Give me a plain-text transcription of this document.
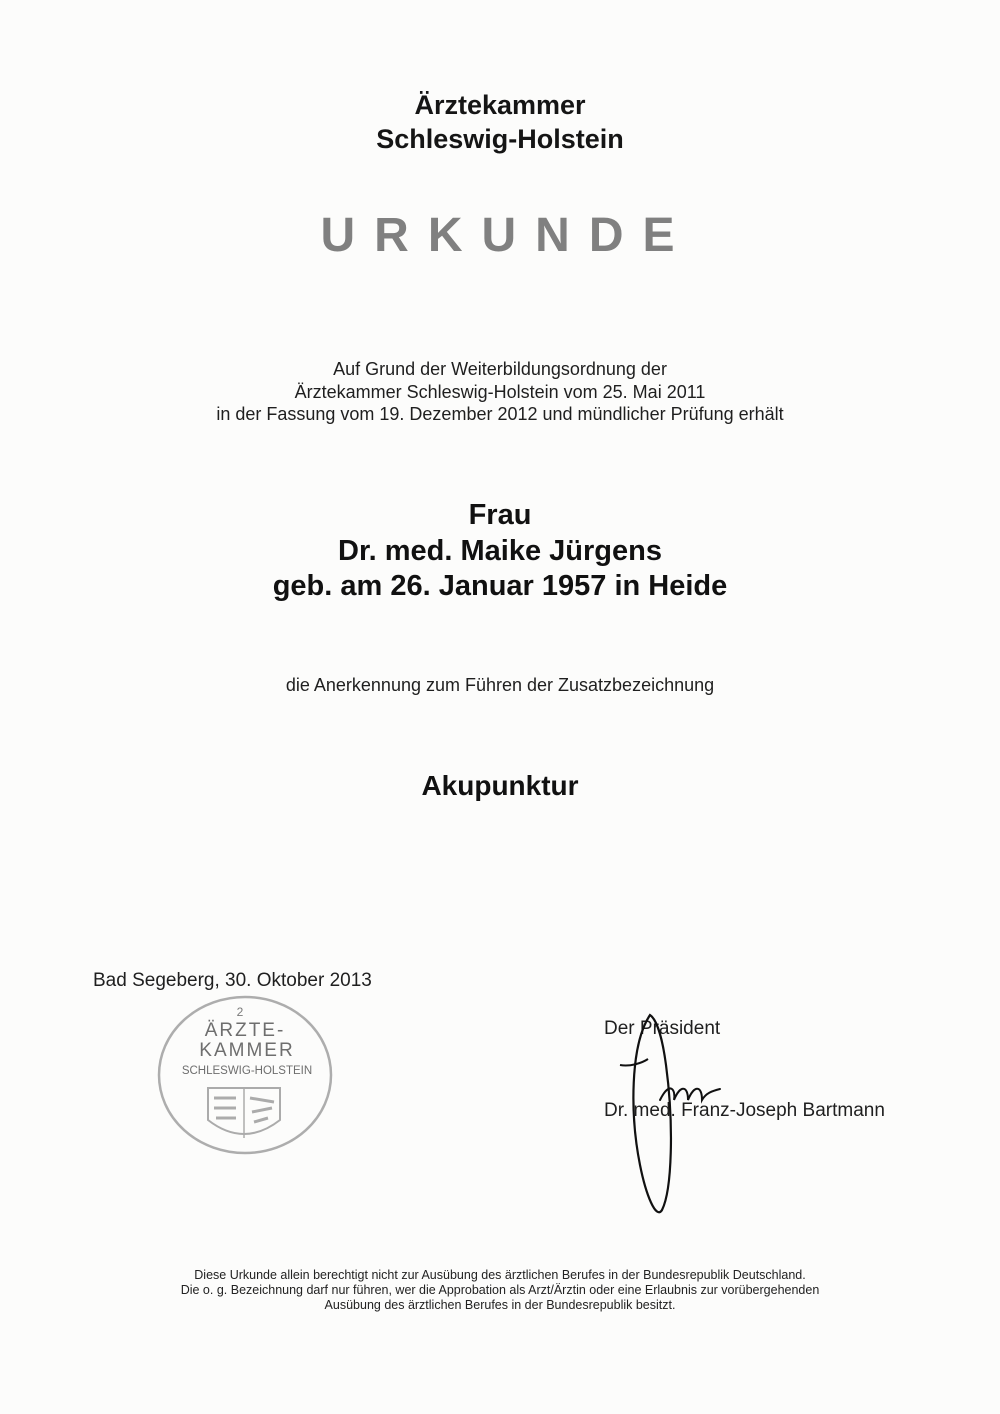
Ärztekammer
Schleswig-Holstein
URKUNDE
Auf Grund der Weiterbildungsordnung der
Ärztekammer Schleswig-Holstein vom 25. Mai 2011
in der Fassung vom 19. Dezember 2012 und mündlicher Prüfung erhält
Frau
Dr. med. Maike Jürgens
geb. am 26. Januar 1957 in Heide
die Anerkennung zum Führen der Zusatzbezeichnung
Akupunktur
Bad Segeberg, 30. Oktober 2013
2
ÄRZTE-
KAMMER
SCHLESWIG-HOLSTEIN
Der Präsident
Dr. med. Franz-Joseph Bartmann
Diese Urkunde allein berechtigt nicht zur Ausübung des ärztlichen Berufes in der Bundesrepublik Deutschland.
Die o. g. Bezeichnung darf nur führen, wer die Approbation als Arzt/Ärztin oder eine Erlaubnis zur vorübergehenden
Ausübung des ärztlichen Berufes in der Bundesrepublik besitzt.
